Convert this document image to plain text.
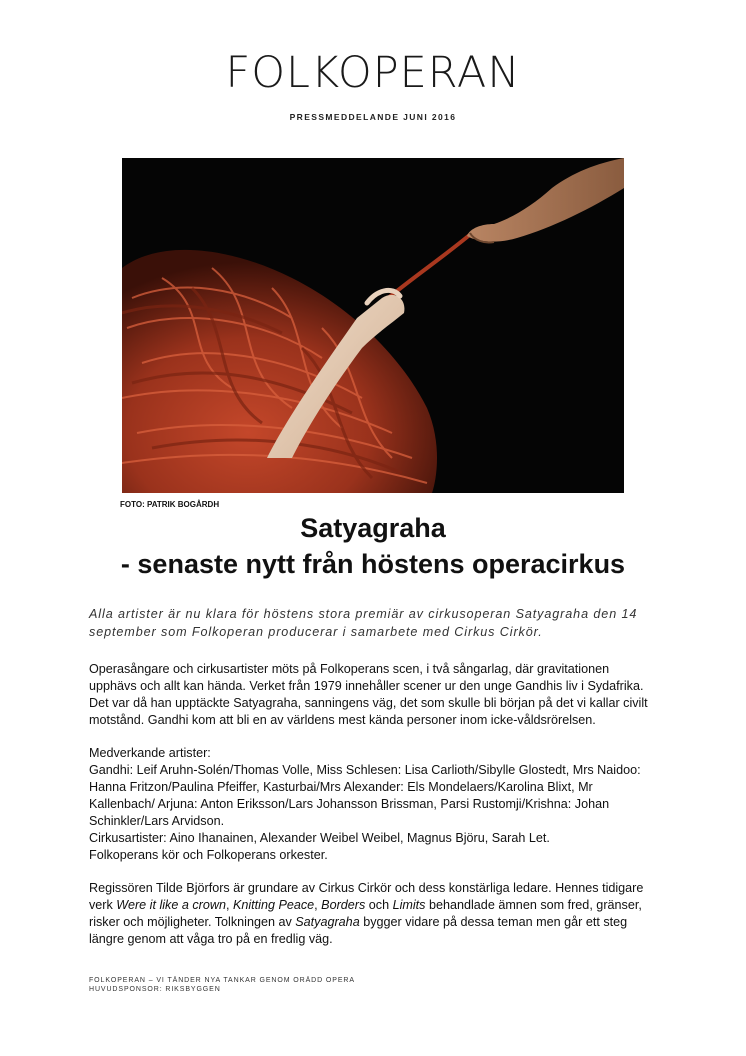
FOLKOPERAN
PRESSMEDDELANDE JUNI 2016
FOTO: PATRIK BOGÅRDH
Satyagraha
- senaste nytt från höstens operacirkus
Alla artister är nu klara för höstens stora premiär av cirkusoperan Satyagraha den 14 september som Folkoperan producerar i samarbete med Cirkus Cirkör.
Operasångare och cirkusartister möts på Folkoperans scen, i två sångarlag, där gravitationen upphävs och allt kan hända. Verket från 1979 innehåller scener ur den unge Gandhis liv i Sydafrika. Det var då han upptäckte Satyagraha, sanningens väg, det som skulle bli början på det vi kallar civilt motstånd. Gandhi kom att bli en av världens mest kända personer inom icke-våldsrörelsen.
Medverkande artister:
Gandhi: Leif Aruhn-Solén/Thomas Volle, Miss Schlesen: Lisa Carlioth/Sibylle Glostedt, Mrs Naidoo: Hanna Fritzon/Paulina Pfeiffer, Kasturbai/Mrs Alexander: Els Mondelaers/Karolina Blixt, Mr Kallenbach/ Arjuna: Anton Eriksson/Lars Johansson Brissman, Parsi Rustomji/Krishna: Johan Schinkler/Lars Arvidson.
Cirkusartister: Aino Ihanainen, Alexander Weibel Weibel, Magnus Björu, Sarah Let.
Folkoperans kör och Folkoperans orkester.
Regissören Tilde Björfors är grundare av Cirkus Cirkör och dess konstärliga ledare. Hennes tidigare verk Were it like a crown, Knitting Peace, Borders och Limits behandlade ämnen som fred, gränser, risker och möjligheter. Tolkningen av Satyagraha bygger vidare på dessa teman men går ett steg längre genom att våga tro på en fredlig väg.
FOLKOPERAN – VI TÄNDER NYA TANKAR GENOM ORÄDD OPERA
HUVUDSPONSOR: RIKSBYGGEN
